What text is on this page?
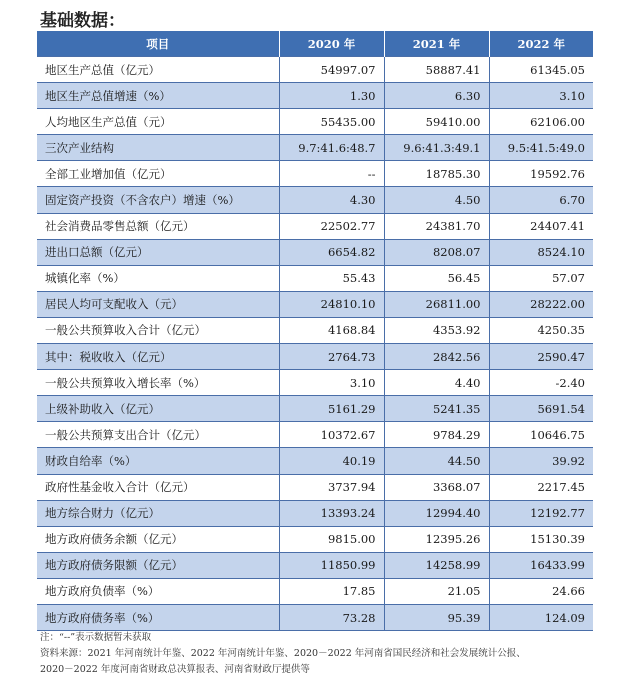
基础数据：
项目	2020 年	2021 年	2022 年
地区生产总值（亿元）	54997.07	58887.41	61345.05
地区生产总值增速（%）	1.30	6.30	3.10
人均地区生产总值（元）	55435.00	59410.00	62106.00
三次产业结构	9.7:41.6:48.7	9.6:41.3:49.1	9.5:41.5:49.0
全部工业增加值（亿元）	--	18785.30	19592.76
固定资产投资（不含农户）增速（%）	4.30	4.50	6.70
社会消费品零售总额（亿元）	22502.77	24381.70	24407.41
进出口总额（亿元）	6654.82	8208.07	8524.10
城镇化率（%）	55.43	56.45	57.07
居民人均可支配收入（元）	24810.10	26811.00	28222.00
一般公共预算收入合计（亿元）	4168.84	4353.92	4250.35
其中：税收收入（亿元）	2764.73	2842.56	2590.47
一般公共预算收入增长率（%）	3.10	4.40	-2.40
上级补助收入（亿元）	5161.29	5241.35	5691.54
一般公共预算支出合计（亿元）	10372.67	9784.29	10646.75
财政自给率（%）	40.19	44.50	39.92
政府性基金收入合计（亿元）	3737.94	3368.07	2217.45
地方综合财力（亿元）	13393.24	12994.40	12192.77
地方政府债务余额（亿元）	9815.00	12395.26	15130.39
地方政府债务限额（亿元）	11850.99	14258.99	16433.99
地方政府负债率（%）	17.85	21.05	24.66
地方政府债务率（%）	73.28	95.39	124.09
注：“--”表示数据暂未获取
资料来源：2021 年河南统计年鉴、2022 年河南统计年鉴、2020－2022 年河南省国民经济和社会发展统计公报、
2020－2022 年度河南省财政总决算报表、河南省财政厅提供等
